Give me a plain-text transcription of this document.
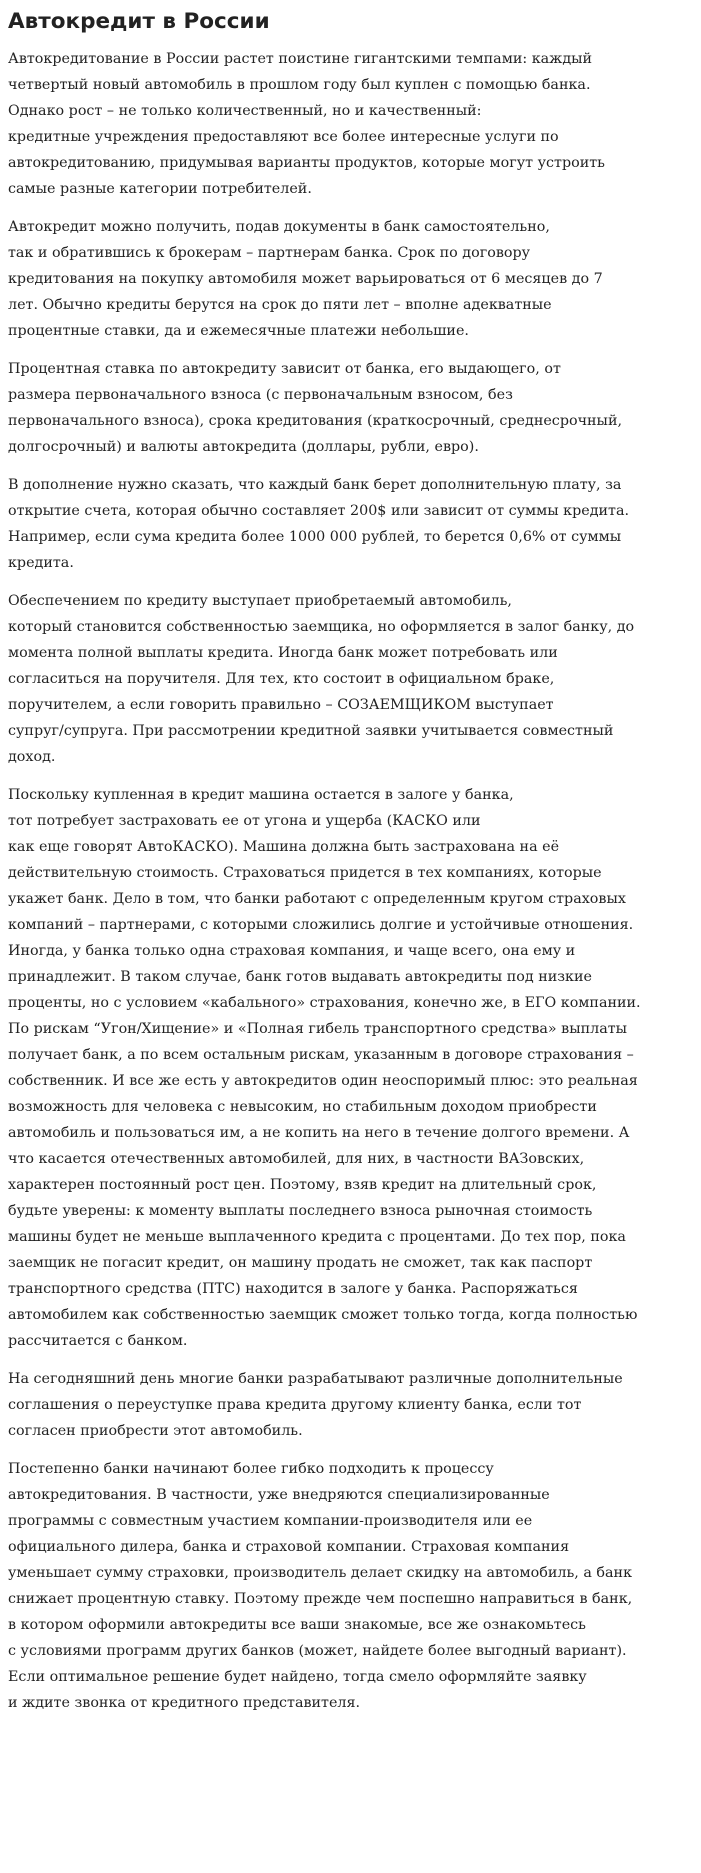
Автокредит в России

Автокредитование в России растет поистине гигантскими темпами: каждый
четвертый новый автомобиль в прошлом году был куплен с помощью банка.
Однако рост – не только количественный, но и качественный:
кредитные учреждения предоставляют все более интересные услуги по
автокредитованию, придумывая варианты продуктов, которые могут устроить
самые разные категории потребителей.

Автокредит можно получить, подав документы в банк самостоятельно,
так и обратившись к брокерам – партнерам банка. Срок по договору
кредитования на покупку автомобиля может варьироваться от 6 месяцев до 7
лет. Обычно кредиты берутся на срок до пяти лет – вполне адекватные
процентные ставки, да и ежемесячные платежи небольшие.

Процентная ставка по автокредиту зависит от банка, его выдающего, от
размера первоначального взноса (с первоначальным взносом, без
первоначального взноса), срока кредитования (краткосрочный, среднесрочный,
долгосрочный) и валюты автокредита (доллары, рубли, евро).

В дополнение нужно сказать, что каждый банк берет дополнительную плату, за
открытие счета, которая обычно составляет 200$ или зависит от суммы кредита.
Например, если сума кредита более 1000 000 рублей, то берется 0,6% от суммы
кредита.

Обеспечением по кредиту выступает приобретаемый автомобиль,
который становится собственностью заемщика, но оформляется в залог банку, до
момента полной выплаты кредита. Иногда банк может потребовать или
согласиться на поручителя. Для тех, кто состоит в официальном браке,
поручителем, а если говорить правильно – СОЗАЕМЩИКОМ выступает
супруг/супруга. При рассмотрении кредитной заявки учитывается совместный
доход.

Поскольку купленная в кредит машина остается в залоге у банка,
тот потребует застраховать ее от угона и ущерба (КАСКО или
как еще говорят АвтоКАСКО). Машина должна быть застрахована на её
действительную стоимость. Страховаться придется в тех компаниях, которые
укажет банк. Дело в том, что банки работают с определенным кругом страховых
компаний – партнерами, с которыми сложились долгие и устойчивые отношения.
Иногда, у банка только одна страховая компания, и чаще всего, она ему и
принадлежит. В таком случае, банк готов выдавать автокредиты под низкие
проценты, но с условием «кабального» страхования, конечно же, в ЕГО компании.
По рискам “Угон/Хищение» и «Полная гибель транспортного средства» выплаты
получает банк, а по всем остальным рискам, указанным в договоре страхования –
собственник. И все же есть у автокредитов один неоспоримый плюс: это реальная
возможность для человека с невысоким, но стабильным доходом приобрести
автомобиль и пользоваться им, а не копить на него в течение долгого времени. А
что касается отечественных автомобилей, для них, в частности ВАЗовских,
характерен постоянный рост цен. Поэтому, взяв кредит на длительный срок,
будьте уверены: к моменту выплаты последнего взноса рыночная стоимость
машины будет не меньше выплаченного кредита с процентами. До тех пор, пока
заемщик не погасит кредит, он машину продать не сможет, так как паспорт
транспортного средства (ПТС) находится в залоге у банка. Распоряжаться
автомобилем как собственностью заемщик сможет только тогда, когда полностью
рассчитается с банком.

На сегодняшний день многие банки разрабатывают различные дополнительные
соглашения о переуступке права кредита другому клиенту банка, если тот
согласен приобрести этот автомобиль.

Постепенно банки начинают более гибко подходить к процессу
автокредитования. В частности, уже внедряются специализированные
программы с совместным участием компании-производителя или ее
официального дилера, банка и страховой компании. Страховая компания
уменьшает сумму страховки, производитель делает скидку на автомобиль, а банк
снижает процентную ставку. Поэтому прежде чем поспешно направиться в банк,
в котором оформили автокредиты все ваши знакомые, все же ознакомьтесь
с условиями программ других банков (может, найдете более выгодный вариант).
Если оптимальное решение будет найдено, тогда смело оформляйте заявку
и ждите звонка от кредитного представителя.
